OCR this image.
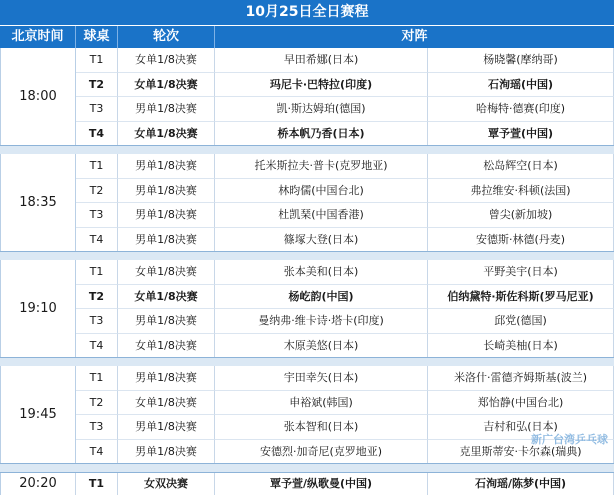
10月25日全日赛程
北京时间	球桌	轮次	对阵
18:00
T1	女单1/8决赛	早田希娜(日本)	杨晓馨(摩纳哥)
T2	女单1/8决赛	玛尼卡·巴特拉(印度)	石洵瑶(中国)
T3	男单1/8决赛	凯·斯达姆珀(德国)	哈梅特·德赛(印度)
T4	女单1/8决赛	桥本帆乃香(日本)	覃予萱(中国)
18:35
T1	男单1/8决赛	托米斯拉夫·普卡(克罗地亚)	松岛辉空(日本)
T2	男单1/8决赛	林昀儒(中国台北)	弗拉维安·科顿(法国)
T3	男单1/8决赛	杜凯琹(中国香港)	曾尖(新加坡)
T4	男单1/8决赛	篠塚大登(日本)	安德斯·林德(丹麦)
19:10
T1	女单1/8决赛	张本美和(日本)	平野美宇(日本)
T2	女单1/8决赛	杨屹韵(中国)	伯纳黛特·斯佐科斯(罗马尼亚)
T3	男单1/8决赛	曼纳弗·维卡诗·塔卡(印度)	邱党(德国)
T4	女单1/8决赛	木原美悠(日本)	长崎美柚(日本)
19:45
T1	男单1/8决赛	宇田幸矢(日本)	米洛什·雷德齐姆斯基(波兰)
T2	女单1/8决赛	申裕斌(韩国)	郑怡静(中国台北)
T3	男单1/8决赛	张本智和(日本)	吉村和弘(日本)
T4	男单1/8决赛	安德烈·加奇尼(克罗地亚)	克里斯蒂安·卡尔森(瑞典)
20:20	T1	女双决赛	覃予萱/纵歌曼(中国)	石洵瑶/陈梦(中国)
新广台湾乒乓球
